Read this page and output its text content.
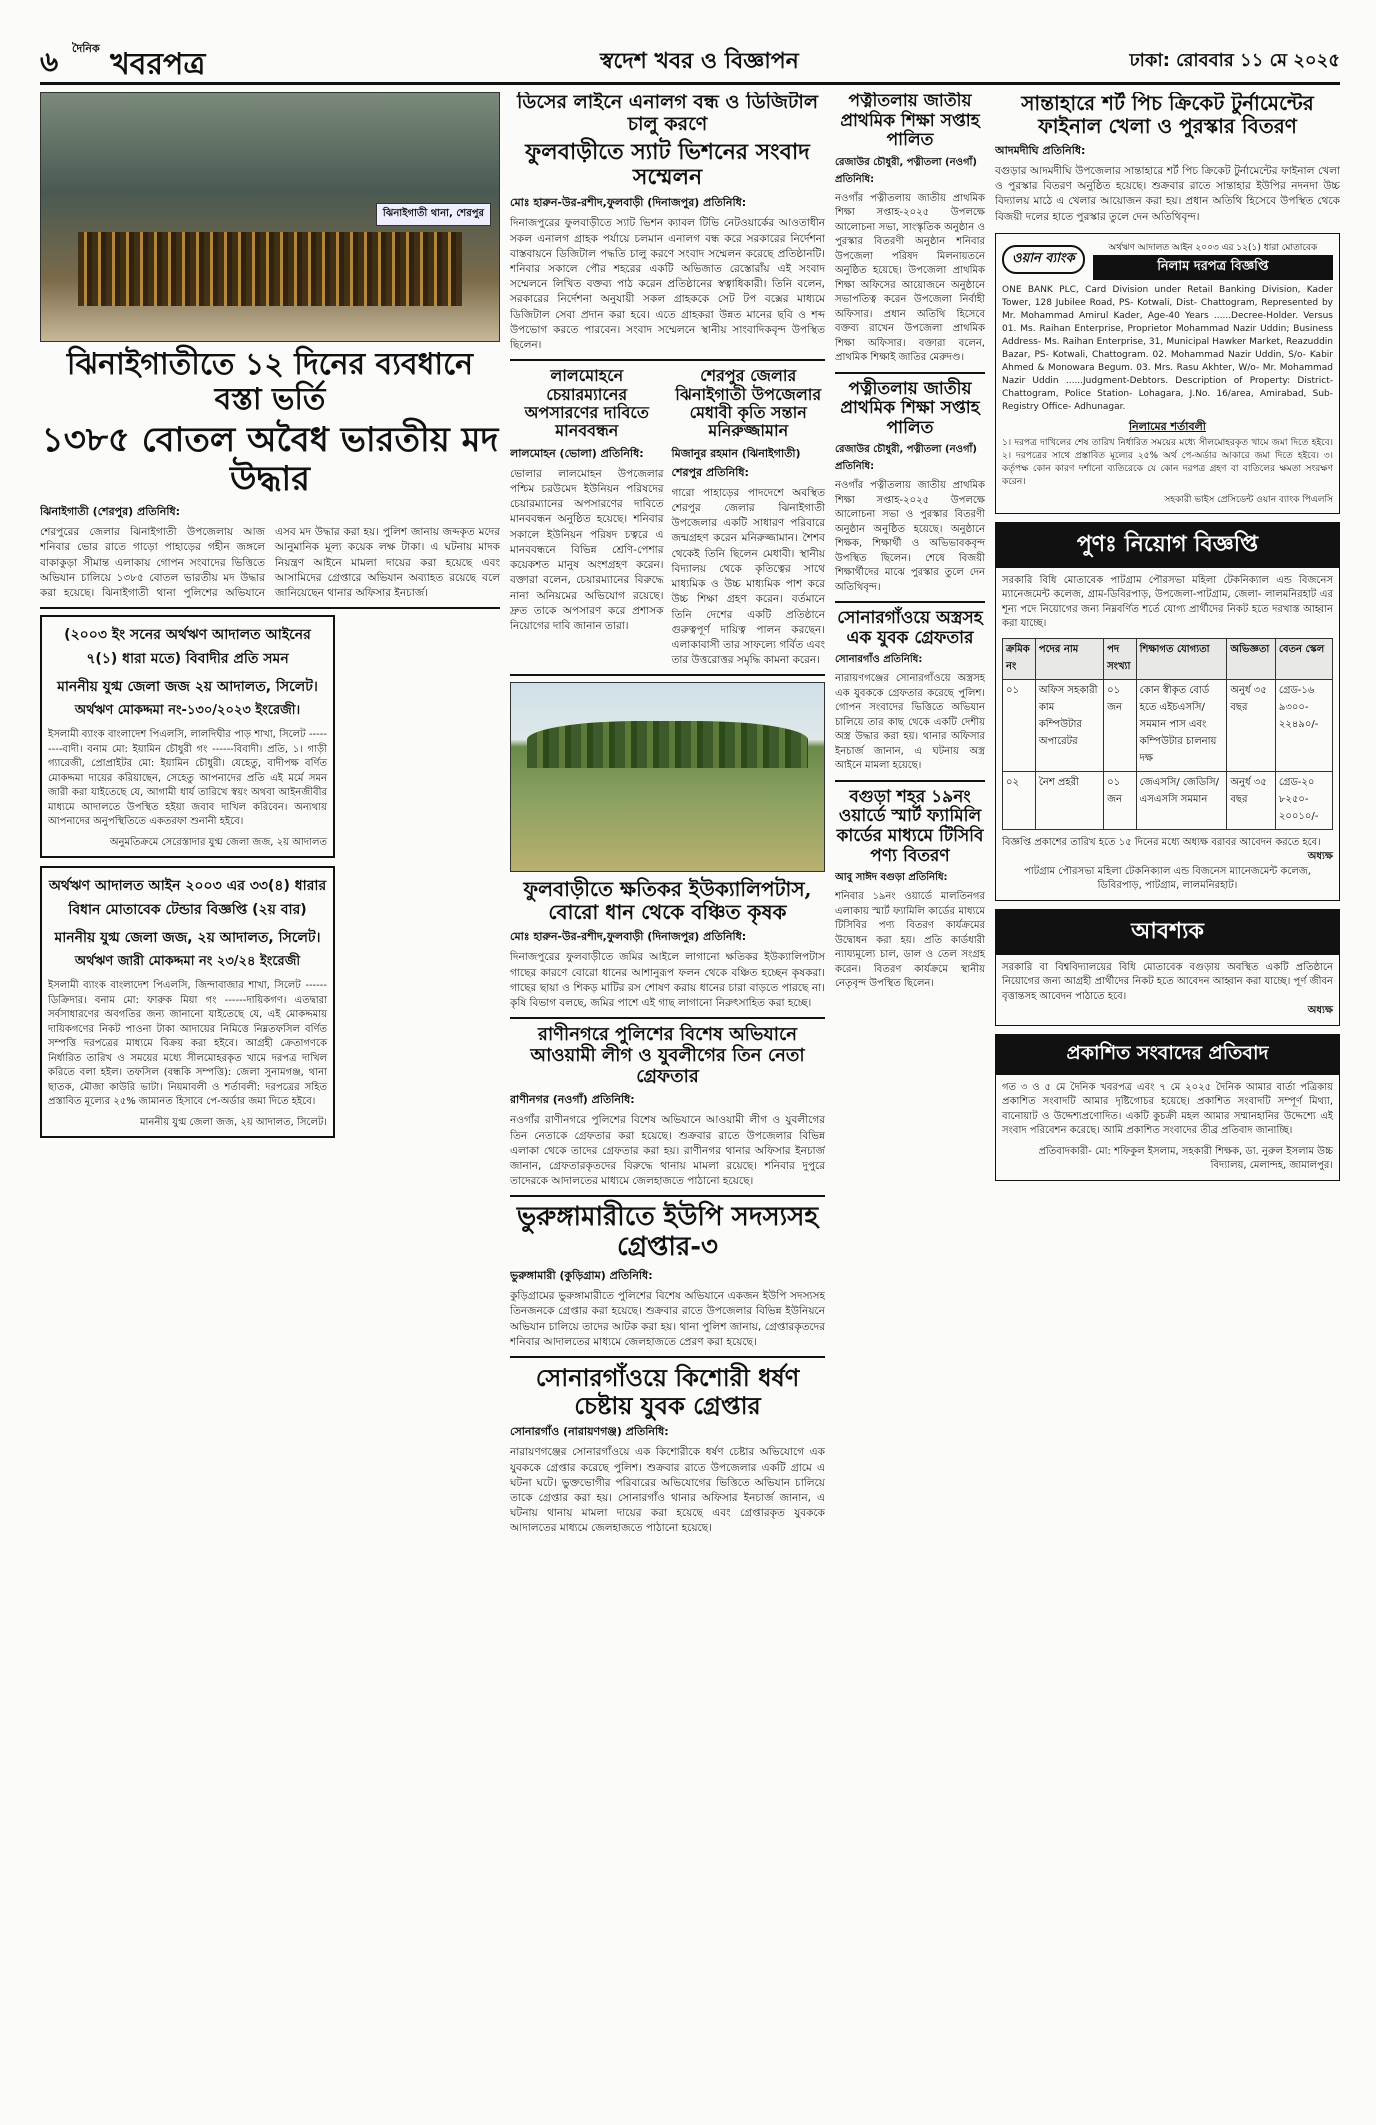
৬ $^{দৈনিক}$ খবরপত্র	স্বদেশ খবর ও বিজ্ঞাপন	ঢাকা: রোববার ১১ মে ২০২৫
ঝিনাইগাতী থানা, শেরপুর
ঝিনাইগাতীতে ১২ দিনের ব্যবধানে বস্তা ভর্তি
১৩৮৫ বোতল অবৈধ ভারতীয় মদ উদ্ধার
ঝিনাইগাতী (শেরপুর) প্রতিনিধি:
শেরপুরের জেলার ঝিনাইগাতী উপজেলায় আজ শনিবার ভোর রাতে গাড়ো পাহাড়ের গহীন জঙ্গলে বাকাকুড়া সীমান্ত এলাকায় গোপন সংবাদের ভিত্তিতে অভিযান চালিয়ে ১৩৮৫ বোতল ভারতীয় মদ উদ্ধার করা হয়েছে। ঝিনাইগাতী থানা পুলিশের অভিযানে এসব মদ উদ্ধার করা হয়। পুলিশ জানায় জব্দকৃত মদের আনুমানিক মূল্য কয়েক লক্ষ টাকা। এ ঘটনায় মাদক নিয়ন্ত্রণ আইনে মামলা দায়ের করা হয়েছে এবং আসামিদের গ্রেপ্তারে অভিযান অব্যাহত রয়েছে বলে জানিয়েছেন থানার অফিসার ইনচার্জ।
(২০০৩ ইং সনের অর্থঋণ আদালত আইনের ৭(১) ধারা মতে) বিবাদীর প্রতি সমন
মাননীয় যুগ্ম জেলা জজ ২য় আদালত, সিলেট।
অর্থঋণ মোকদ্দমা নং-১৩০/২০২৩ ইংরেজী।
ইসলামী ব্যাংক বাংলাদেশ পিএলসি, লালদিঘীর পাড় শাখা, সিলেট ---------বাদী। বনাম মো: ইয়ামিন চৌধুরী গং ------বিবাদী। প্রতি, ১। গাড়ী গ্যারেজী, প্রোপ্রাইটর মো: ইয়ামিন চৌধুরী। যেহেতু, বাদীপক্ষ বর্ণিত মোকদ্দমা দায়ের করিয়াছেন, সেহেতু আপনাদের প্রতি এই মর্মে সমন জারী করা যাইতেছে যে, আগামী ধার্য তারিখে স্বয়ং অথবা আইনজীবীর মাধ্যমে আদালতে উপস্থিত হইয়া জবাব দাখিল করিবেন। অন্যথায় আপনাদের অনুপস্থিতিতে একতরফা শুনানী হইবে।
অনুমতিক্রমে সেরেস্তাদার যুগ্ম জেলা জজ, ২য় আদালত
অর্থঋণ আদালত আইন ২০০৩ এর ৩৩(৪) ধারার বিধান মোতাবেক টেন্ডার বিজ্ঞপ্তি (২য় বার)
মাননীয় যুগ্ম জেলা জজ, ২য় আদালত, সিলেট।
অর্থঋণ জারী মোকদ্দমা নং ২৩/২৪ ইংরেজী
ইসলামী ব্যাংক বাংলাদেশ পিএলসি, জিন্দাবাজার শাখা, সিলেট ------ডিক্রিদার। বনাম মো: ফারুক মিয়া গং ------দায়িকগণ। এতদ্বারা সর্বসাধারণের অবগতির জন্য জানানো যাইতেছে যে, এই মোকদ্দমায় দায়িকগণের নিকট পাওনা টাকা আদায়ের নিমিত্তে নিম্নতফসিল বর্ণিত সম্পত্তি দরপত্রের মাধ্যমে বিক্রয় করা হইবে। আগ্রহী ক্রেতাগণকে নির্ধারিত তারিখ ও সময়ের মধ্যে সীলমোহরকৃত খামে দরপত্র দাখিল করিতে বলা হইল। তফসিল (বন্ধকি সম্পত্তি): জেলা সুনামগঞ্জ, থানা ছাতক, মৌজা কাউরি ভাটা। নিয়মাবলী ও শর্তাবলী: দরপত্রের সহিত প্রস্তাবিত মূল্যের ২৫% জামানত হিসাবে পে-অর্ডার জমা দিতে হইবে।
মাননীয় যুগ্ম জেলা জজ, ২য় আদালত, সিলেট।
ডিসের লাইনে এনালগ বন্ধ ও ডিজিটাল চালু করণে
ফুলবাড়ীতে স্যাট ভিশনের সংবাদ সম্মেলন
মোঃ হারুন-উর-রশীদ,ফুলবাড়ী (দিনাজপুর) প্রতিনিধি:
দিনাজপুরের ফুলবাড়ীতে স্যাট ভিশন ক্যাবল টিভি নেটওয়ার্কের আওতাধীন সকল এনালগ গ্রাহক পর্যায়ে চলমান এনালগ বন্ধ করে সরকারের নির্দেশনা বাস্তবায়নে ডিজিটাল পদ্ধতি চালু করণে সংবাদ সম্মেলন করেছে প্রতিষ্ঠানটি। শনিবার সকালে পৌর শহরের একটি অভিজাত রেস্তোরাঁয় এই সংবাদ সম্মেলনে লিখিত বক্তব্য পাঠ করেন প্রতিষ্ঠানের স্বত্বাধিকারী। তিনি বলেন, সরকারের নির্দেশনা অনুযায়ী সকল গ্রাহককে সেট টপ বক্সের মাধ্যমে ডিজিটাল সেবা প্রদান করা হবে। এতে গ্রাহকরা উন্নত মানের ছবি ও শব্দ উপভোগ করতে পারবেন। সংবাদ সম্মেলনে স্থানীয় সাংবাদিকবৃন্দ উপস্থিত ছিলেন।
লালমোহনে চেয়ারম্যানের অপসারণের দাবিতে মানববন্ধন
লালমোহন (ভোলা) প্রতিনিধি:
ভোলার লালমোহন উপজেলার পশ্চিম চরউমেদ ইউনিয়ন পরিষদের চেয়ারম্যানের অপসারণের দাবিতে মানববন্ধন অনুষ্ঠিত হয়েছে। শনিবার সকালে ইউনিয়ন পরিষদ চত্বরে এ মানববন্ধনে বিভিন্ন শ্রেণি-পেশার কয়েকশত মানুষ অংশগ্রহণ করেন। বক্তারা বলেন, চেয়ারম্যানের বিরুদ্ধে নানা অনিয়মের অভিযোগ রয়েছে। দ্রুত তাকে অপসারণ করে প্রশাসক নিয়োগের দাবি জানান তারা।
শেরপুর জেলার ঝিনাইগাতী উপজেলার মেধাবী কৃতি সন্তান মনিরুজ্জামান
মিজানুর রহমান (ঝিনাইগাতী) শেরপুর প্রতিনিধি:
গারো পাহাড়ের পাদদেশে অবস্থিত শেরপুর জেলার ঝিনাইগাতী উপজেলার একটি সাধারণ পরিবারে জন্মগ্রহণ করেন মনিরুজ্জামান। শৈশব থেকেই তিনি ছিলেন মেধাবী। স্থানীয় বিদ্যালয় থেকে কৃতিত্বের সাথে মাধ্যমিক ও উচ্চ মাধ্যমিক পাশ করে উচ্চ শিক্ষা গ্রহণ করেন। বর্তমানে তিনি দেশের একটি প্রতিষ্ঠানে গুরুত্বপূর্ণ দায়িত্ব পালন করছেন। এলাকাবাসী তার সাফল্যে গর্বিত এবং তার উত্তরোত্তর সমৃদ্ধি কামনা করেন।
ফুলবাড়ীতে ক্ষতিকর ইউক্যালিপটাস, বোরো ধান থেকে বঞ্চিত কৃষক
মোঃ হারুন-উর-রশীদ,ফুলবাড়ী (দিনাজপুর) প্রতিনিধি:
দিনাজপুরের ফুলবাড়ীতে জমির আইলে লাগানো ক্ষতিকর ইউক্যালিপটাস গাছের কারণে বোরো ধানের আশানুরূপ ফলন থেকে বঞ্চিত হচ্ছেন কৃষকরা। গাছের ছায়া ও শিকড় মাটির রস শোষণ করায় ধানের চারা বাড়তে পারছে না। কৃষি বিভাগ বলছে, জমির পাশে এই গাছ লাগানো নিরুৎসাহিত করা হচ্ছে।
রাণীনগরে পুলিশের বিশেষ অভিযানে আওয়ামী লীগ ও যুবলীগের তিন নেতা গ্রেফতার
রাণীনগর (নওগাঁ) প্রতিনিধি:
নওগাঁর রাণীনগরে পুলিশের বিশেষ অভিযানে আওয়ামী লীগ ও যুবলীগের তিন নেতাকে গ্রেফতার করা হয়েছে। শুক্রবার রাতে উপজেলার বিভিন্ন এলাকা থেকে তাদের গ্রেফতার করা হয়। রাণীনগর থানার অফিসার ইনচার্জ জানান, গ্রেফতারকৃতদের বিরুদ্ধে থানায় মামলা রয়েছে। শনিবার দুপুরে তাদেরকে আদালতের মাধ্যমে জেলহাজতে পাঠানো হয়েছে।
ভুরুঙ্গামারীতে ইউপি সদস্যসহ গ্রেপ্তার-৩
ভুরুঙ্গামারী (কুড়িগ্রাম) প্রতিনিধি:
কুড়িগ্রামের ভুরুঙ্গামারীতে পুলিশের বিশেষ অভিযানে একজন ইউপি সদস্যসহ তিনজনকে গ্রেপ্তার করা হয়েছে। শুক্রবার রাতে উপজেলার বিভিন্ন ইউনিয়নে অভিযান চালিয়ে তাদের আটক করা হয়। থানা পুলিশ জানায়, গ্রেপ্তারকৃতদের শনিবার আদালতের মাধ্যমে জেলহাজতে প্রেরণ করা হয়েছে।
সোনারগাঁওয়ে কিশোরী ধর্ষণ চেষ্টায় যুবক গ্রেপ্তার
সোনারগাঁও (নারায়ণগঞ্জ) প্রতিনিধি:
নারায়ণগঞ্জের সোনারগাঁওয়ে এক কিশোরীকে ধর্ষণ চেষ্টার অভিযোগে এক যুবককে গ্রেপ্তার করেছে পুলিশ। শুক্রবার রাতে উপজেলার একটি গ্রামে এ ঘটনা ঘটে। ভুক্তভোগীর পরিবারের অভিযোগের ভিত্তিতে অভিযান চালিয়ে তাকে গ্রেপ্তার করা হয়। সোনারগাঁও থানার অফিসার ইনচার্জ জানান, এ ঘটনায় থানায় মামলা দায়ের করা হয়েছে এবং গ্রেপ্তারকৃত যুবককে আদালতের মাধ্যমে জেলহাজতে পাঠানো হয়েছে।
পত্নীতলায় জাতীয় প্রাথমিক শিক্ষা সপ্তাহ পালিত
রেজাউর চৌধুরী, পত্নীতলা (নওগাঁ) প্রতিনিধি:
নওগাঁর পত্নীতলায় জাতীয় প্রাথমিক শিক্ষা সপ্তাহ-২০২৫ উপলক্ষে আলোচনা সভা, সাংস্কৃতিক অনুষ্ঠান ও পুরস্কার বিতরণী অনুষ্ঠান শনিবার উপজেলা পরিষদ মিলনায়তনে অনুষ্ঠিত হয়েছে। উপজেলা প্রাথমিক শিক্ষা অফিসের আয়োজনে অনুষ্ঠানে সভাপতিত্ব করেন উপজেলা নির্বাহী অফিসার। প্রধান অতিথি হিসেবে বক্তব্য রাখেন উপজেলা প্রাথমিক শিক্ষা অফিসার। বক্তারা বলেন, প্রাথমিক শিক্ষাই জাতির মেরুদণ্ড।
পত্নীতলায় জাতীয় প্রাথমিক শিক্ষা সপ্তাহ পালিত
রেজাউর চৌধুরী, পত্নীতলা (নওগাঁ) প্রতিনিধি:
নওগাঁর পত্নীতলায় জাতীয় প্রাথমিক শিক্ষা সপ্তাহ-২০২৫ উপলক্ষে আলোচনা সভা ও পুরস্কার বিতরণী অনুষ্ঠান অনুষ্ঠিত হয়েছে। অনুষ্ঠানে শিক্ষক, শিক্ষার্থী ও অভিভাবকবৃন্দ উপস্থিত ছিলেন। শেষে বিজয়ী শিক্ষার্থীদের মাঝে পুরস্কার তুলে দেন অতিথিবৃন্দ।
সোনারগাঁওয়ে অস্ত্রসহ এক যুবক গ্রেফতার
সোনারগাঁও প্রতিনিধি:
নারায়ণগঞ্জের সোনারগাঁওয়ে অস্ত্রসহ এক যুবককে গ্রেফতার করেছে পুলিশ। গোপন সংবাদের ভিত্তিতে অভিযান চালিয়ে তার কাছ থেকে একটি দেশীয় অস্ত্র উদ্ধার করা হয়। থানার অফিসার ইনচার্জ জানান, এ ঘটনায় অস্ত্র আইনে মামলা হয়েছে।
বগুড়া শহর ১৯নং ওয়ার্ডে স্মার্ট ফ্যামিলি কার্ডের মাধ্যমে টিসিবি পণ্য বিতরণ
আবু সাঈদ বগুড়া প্রতিনিধি:
শনিবার ১৯নং ওয়ার্ডে মালতিনগর এলাকায় স্মার্ট ফ্যামিলি কার্ডের মাধ্যমে টিসিবির পণ্য বিতরণ কার্যক্রমের উদ্বোধন করা হয়। প্রতি কার্ডধারী ন্যায্যমূল্যে চাল, ডাল ও তেল সংগ্রহ করেন। বিতরণ কার্যক্রমে স্থানীয় নেতৃবৃন্দ উপস্থিত ছিলেন।
সান্তাহারে শর্ট পিচ ক্রিকেট টুর্নামেন্টের ফাইনাল খেলা ও পুরস্কার বিতরণ
আদমদীঘি প্রতিনিধি:
বগুড়ার আদমদীঘি উপজেলার সান্তাহারে শর্ট পিচ ক্রিকেট টুর্নামেন্টের ফাইনাল খেলা ও পুরস্কার বিতরণ অনুষ্ঠিত হয়েছে। শুক্রবার রাতে সান্তাহার ইউপির নদনদা উচ্চ বিদ্যালয় মাঠে এ খেলার আয়োজন করা হয়। প্রধান অতিথি হিসেবে উপস্থিত থেকে বিজয়ী দলের হাতে পুরস্কার তুলে দেন অতিথিবৃন্দ।
ওয়ান ব্যাংক
অর্থঋণ আদালত আইন ২০০৩ এর ১২(১) ধারা মোতাবেক
নিলাম দরপত্র বিজ্ঞপ্তি
ONE BANK PLC, Card Division under Retail Banking Division, Kader Tower, 128 Jubilee Road, PS- Kotwali, Dist- Chattogram, Represented by Mr. Mohammad Amirul Kader, Age-40 Years ......Decree-Holder. Versus 01. Ms. Raihan Enterprise, Proprietor Mohammad Nazir Uddin; Business Address- Ms. Raihan Enterprise, 31, Municipal Hawker Market, Reazuddin Bazar, PS- Kotwali, Chattogram. 02. Mohammad Nazir Uddin, S/o- Kabir Ahmed & Monowara Begum. 03. Mrs. Rasu Akhter, W/o- Mr. Mohammad Nazir Uddin ......Judgment-Debtors. Description of Property: District-Chattogram, Police Station- Lohagara, J.No. 16/area, Amirabad, Sub- Registry Office- Adhunagar.
নিলামের শর্তাবলী
১। দরপত্র দাখিলের শেষ তারিখ নির্ধারিত সময়ের মধ্যে সীলমোহরকৃত খামে জমা দিতে হইবে। ২। দরপত্রের সাথে প্রস্তাবিত মূল্যের ২৫% অর্থ পে-অর্ডার আকারে জমা দিতে হইবে। ৩। কর্তৃপক্ষ কোন কারণ দর্শানো ব্যতিরেকে যে কোন দরপত্র গ্রহণ বা বাতিলের ক্ষমতা সংরক্ষণ করেন।
সহকারী ভাইস প্রেসিডেন্ট ওয়ান ব্যাংক পিএলসি
পুণঃ নিয়োগ বিজ্ঞপ্তি
সরকারি বিধি মোতাবেক পাটগ্রাম পৌরসভা মহিলা টেকনিক্যাল এন্ড বিজনেস ম্যানেজমেন্ট কলেজ, গ্রাম-ডিবিরপাড়, উপজেলা-পাটগ্রাম, জেলা- লালমনিরহাট এর শূন্য পদে নিয়োগের জন্য নিম্নবর্ণিত শর্তে যোগ্য প্রার্থীদের নিকট হতে দরখাস্ত আহ্বান করা যাচ্ছে।
ক্রমিক নং	পদের নাম	পদ সংখ্যা	শিক্ষাগত যোগ্যতা	অভিজ্ঞতা	বেতন স্কেল
০১	অফিস সহকারী কাম কম্পিউটার অপারেটর	০১ জন	কোন স্বীকৃত বোর্ড হতে এইচএসসি/ সমমান পাস এবং কম্পিউটার চালনায় দক্ষ	অনুর্ধ ৩৫ বছর	গ্রেড-১৬ ৯৩০০- ২২৪৯০/-
০২	নৈশ প্রহরী	০১ জন	জেএসসি/ জেডিসি/ এসএসসি সমমান	অনুর্ধ ৩৫ বছর	গ্রেড-২০ ৮২৫০- ২০০১০/-
বিজ্ঞপ্তি প্রকাশের তারিখ হতে ১৫ দিনের মধ্যে অধ্যক্ষ বরাবর আবেদন করতে হবে।
অধ্যক্ষ
পাটগ্রাম পৌরসভা মহিলা টেকনিক্যাল এন্ড বিজনেস ম্যানেজমেন্ট কলেজ, ডিবিরপাড়, পাটগ্রাম, লালমনিরহাট।
আবশ্যক
সরকারি বা বিশ্ববিদ্যালয়ের বিধি মোতাবেক বগুড়ায় অবস্থিত একটি প্রতিষ্ঠানে নিয়োগের জন্য আগ্রহী প্রার্থীদের নিকট হতে আবেদন আহ্বান করা যাচ্ছে। পূর্ণ জীবন বৃত্তান্তসহ আবেদন পাঠাতে হবে।
অধ্যক্ষ
প্রকাশিত সংবাদের প্রতিবাদ
গত ৩ ও ৫ মে দৈনিক খবরপত্র এবং ৭ মে ২০২৫ দৈনিক আমার বার্তা পত্রিকায় প্রকাশিত সংবাদটি আমার দৃষ্টিগোচর হয়েছে। প্রকাশিত সংবাদটি সম্পূর্ণ মিথ্যা, বানোয়াট ও উদ্দেশ্যপ্রণোদিত। একটি কুচক্রী মহল আমার সম্মানহানির উদ্দেশ্যে এই সংবাদ পরিবেশন করেছে। আমি প্রকাশিত সংবাদের তীব্র প্রতিবাদ জানাচ্ছি।
প্রতিবাদকারী- মো: শফিকুল ইসলাম, সহকারী শিক্ষক, ডা. নুরুল ইসলাম উচ্চ বিদ্যালয়, মেলান্দহ, জামালপুর।
